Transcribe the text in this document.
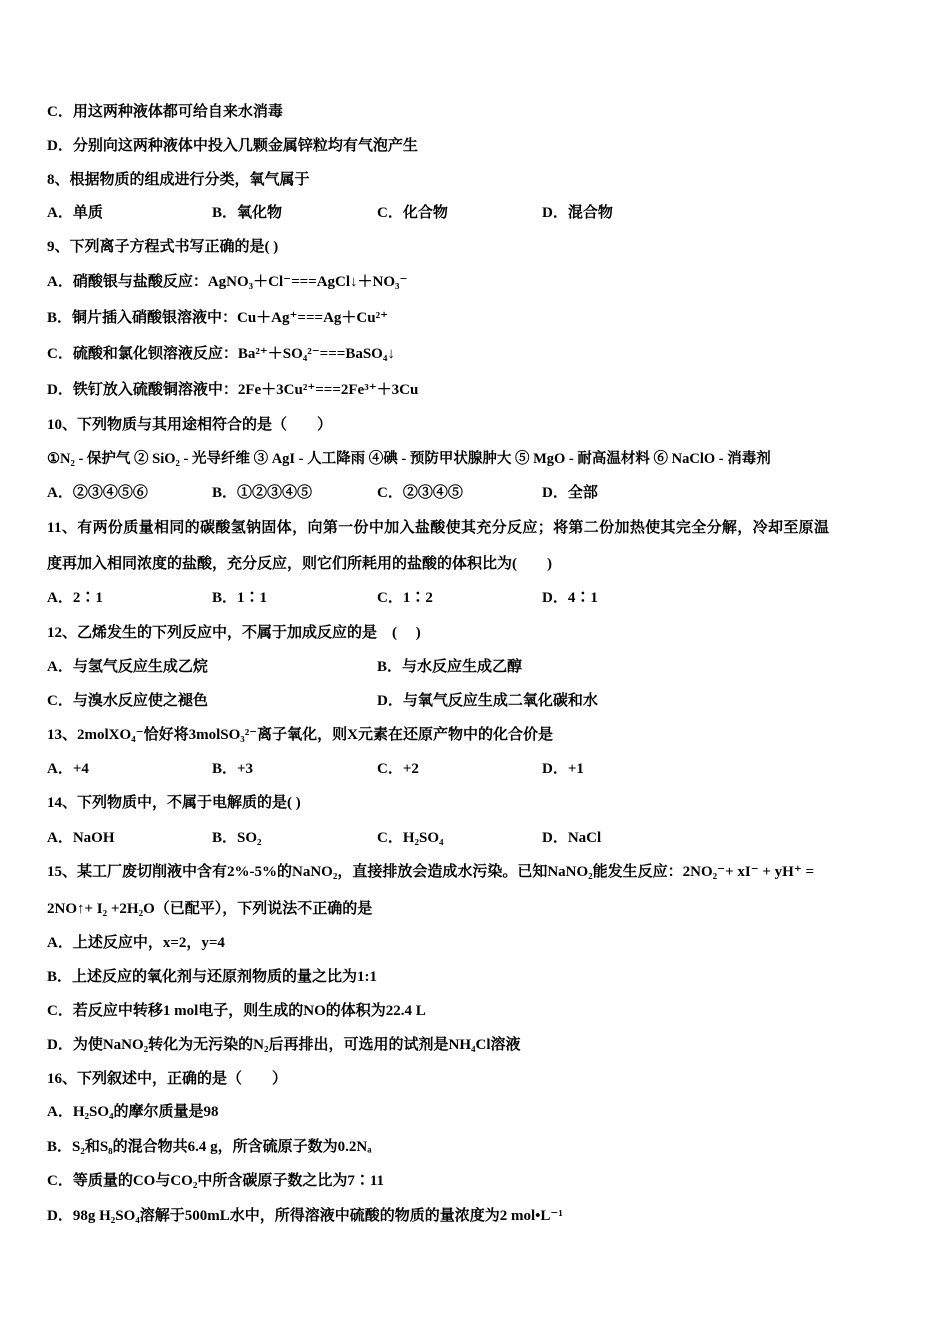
C．用这两种液体都可给自来水消毒
D．分别向这两种液体中投入几颗金属锌粒均有气泡产生
8、根据物质的组成进行分类，氧气属于
A．单质	B．氧化物	C．化合物	D．混合物
9、下列离子方程式书写正确的是( )
A．硝酸银与盐酸反应：AgNO₃＋Cl⁻===AgCl↓＋NO₃⁻
B．铜片插入硝酸银溶液中：Cu＋Ag⁺===Ag＋Cu²⁺
C．硫酸和氯化钡溶液反应：Ba²⁺＋SO₄²⁻===BaSO₄↓
D．铁钉放入硫酸铜溶液中：2Fe＋3Cu²⁺===2Fe³⁺＋3Cu
10、下列物质与其用途相符合的是（　　）
①N₂ - 保护气 ② SiO₂ - 光导纤维 ③ AgI - 人工降雨 ④碘 - 预防甲状腺肿大 ⑤ MgO - 耐高温材料 ⑥ NaClO - 消毒剂
A．②③④⑤⑥	B．①②③④⑤	C．②③④⑤	D．全部
11、有两份质量相同的碳酸氢钠固体，向第一份中加入盐酸使其充分反应；将第二份加热使其完全分解，冷却至原温
度再加入相同浓度的盐酸，充分反应，则它们所耗用的盐酸的体积比为(　　)
A．2∶1	B．1∶1	C．1∶2	D．4∶1
12、乙烯发生的下列反应中，不属于加成反应的是　(　 )
A．与氢气反应生成乙烷	B．与水反应生成乙醇
C．与溴水反应使之褪色	D．与氧气反应生成二氧化碳和水
13、2molXO₄⁻恰好将3molSO₃²⁻离子氧化，则X元素在还原产物中的化合价是
A．+4	B．+3	C．+2	D．+1
14、下列物质中，不属于电解质的是( )
A．NaOH	B．SO₂	C．H₂SO₄	D．NaCl
15、某工厂废切削液中含有2%-5%的NaNO₂，直接排放会造成水污染。已知NaNO₂能发生反应：2NO₂⁻+ xI⁻ + yH⁺ =
2NO↑+ I₂ +2H₂O（已配平），下列说法不正确的是
A．上述反应中，x=2，y=4
B．上述反应的氧化剂与还原剂物质的量之比为1:1
C．若反应中转移1 mol电子，则生成的NO的体积为22.4 L
D．为使NaNO₂转化为无污染的N₂后再排出，可选用的试剂是NH₄Cl溶液
16、下列叙述中，正确的是（　　）
A．H₂SO₄的摩尔质量是98
B．S₂和S₈的混合物共6.4 g，所含硫原子数为0.2Nₐ
C．等质量的CO与CO₂中所含碳原子数之比为7∶11
D．98g H₂SO₄溶解于500mL水中，所得溶液中硫酸的物质的量浓度为2 mol•L⁻¹
